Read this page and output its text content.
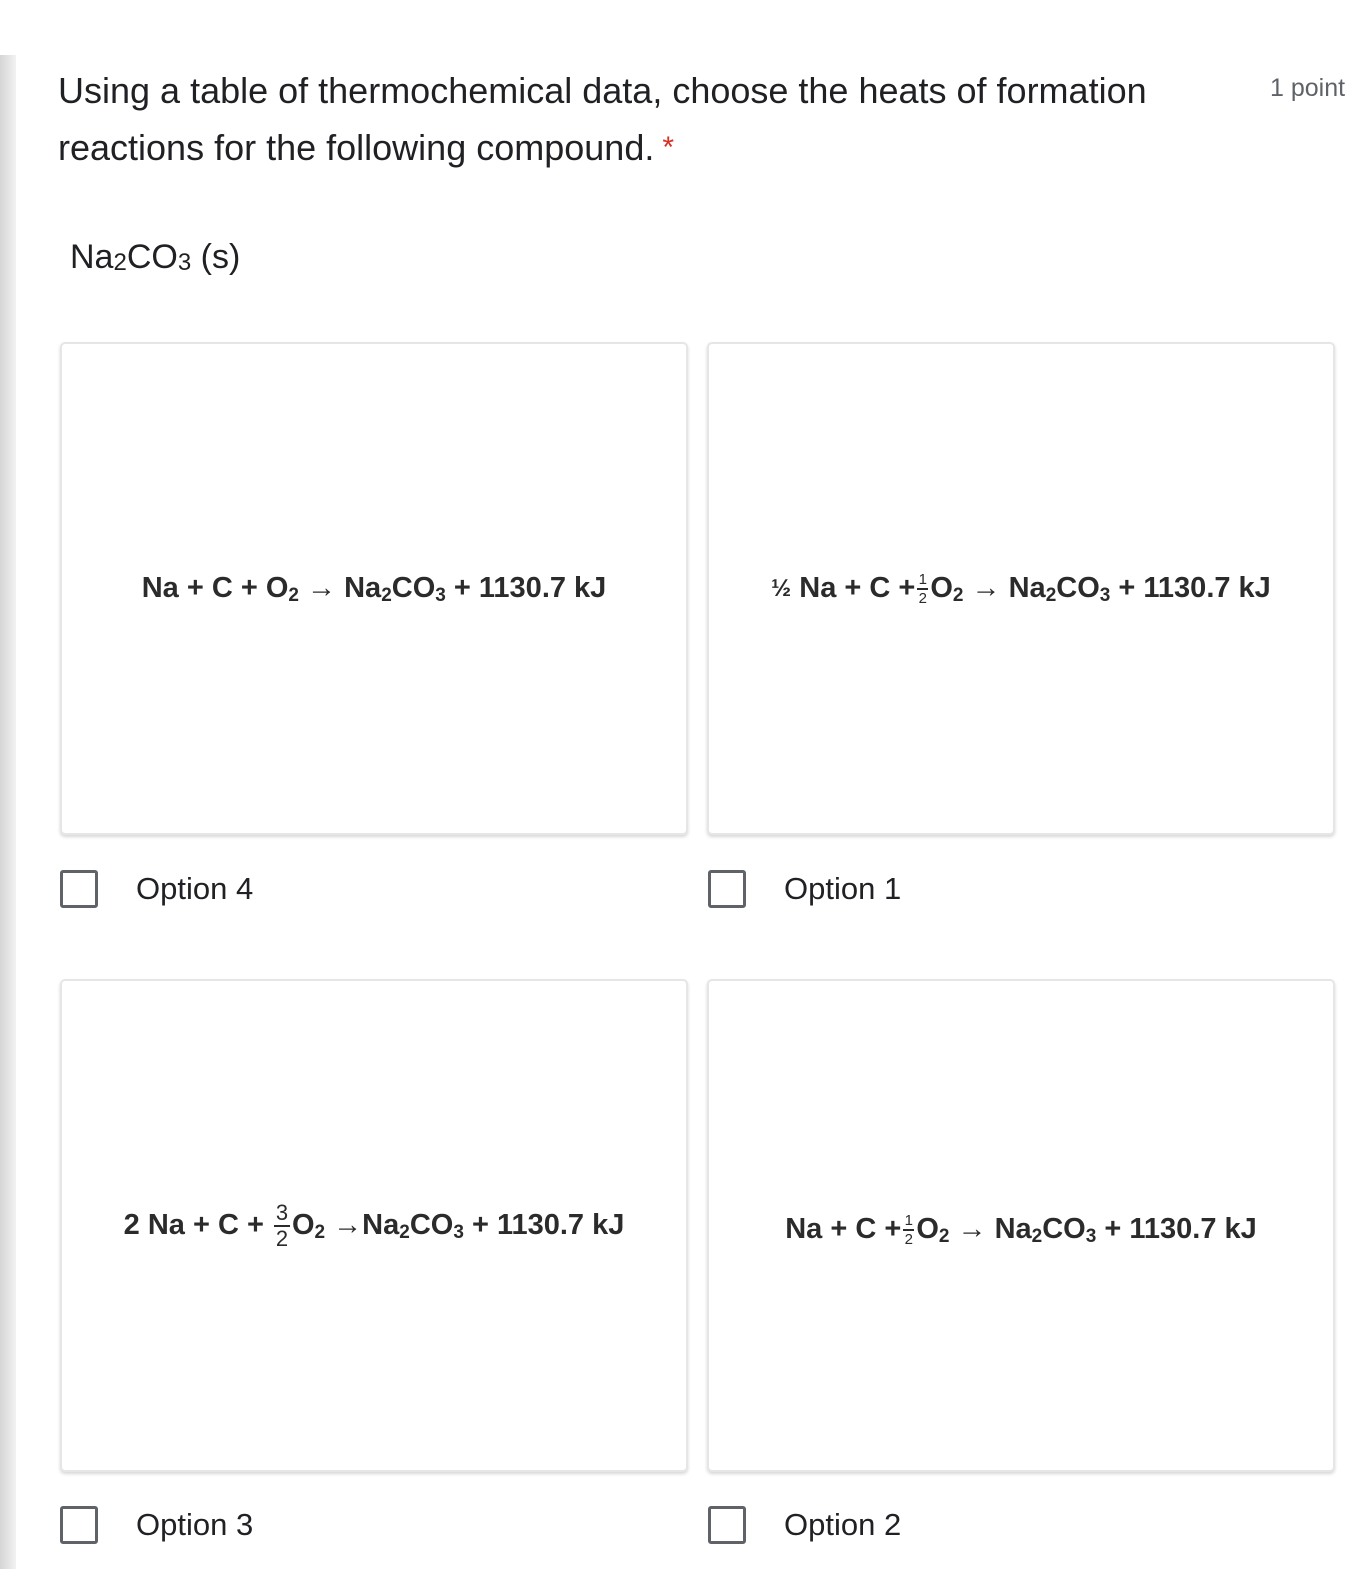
Using a table of thermochemical data, choose the heats of formation reactions for the following compound. *
1 point
Na2CO3 (s)
Na
+
C
+
O 2
→
Na 2 CO 3
+ 1130.7 kJ	½
Na
+
C
+ $\frac{1}{2}$ O 2
→
Na 2 CO 3
+ 1130.7 kJ
Option 4	Option 1
2
Na
+
C
+
$\frac{3}{2}$ O 2
→ Na 2 CO 3
+ 1130.7 kJ	Na
+
C
+ $\frac{1}{2}$ O 2
→
Na 2 CO 3
+ 1130.7 kJ
Option 3	Option 2
